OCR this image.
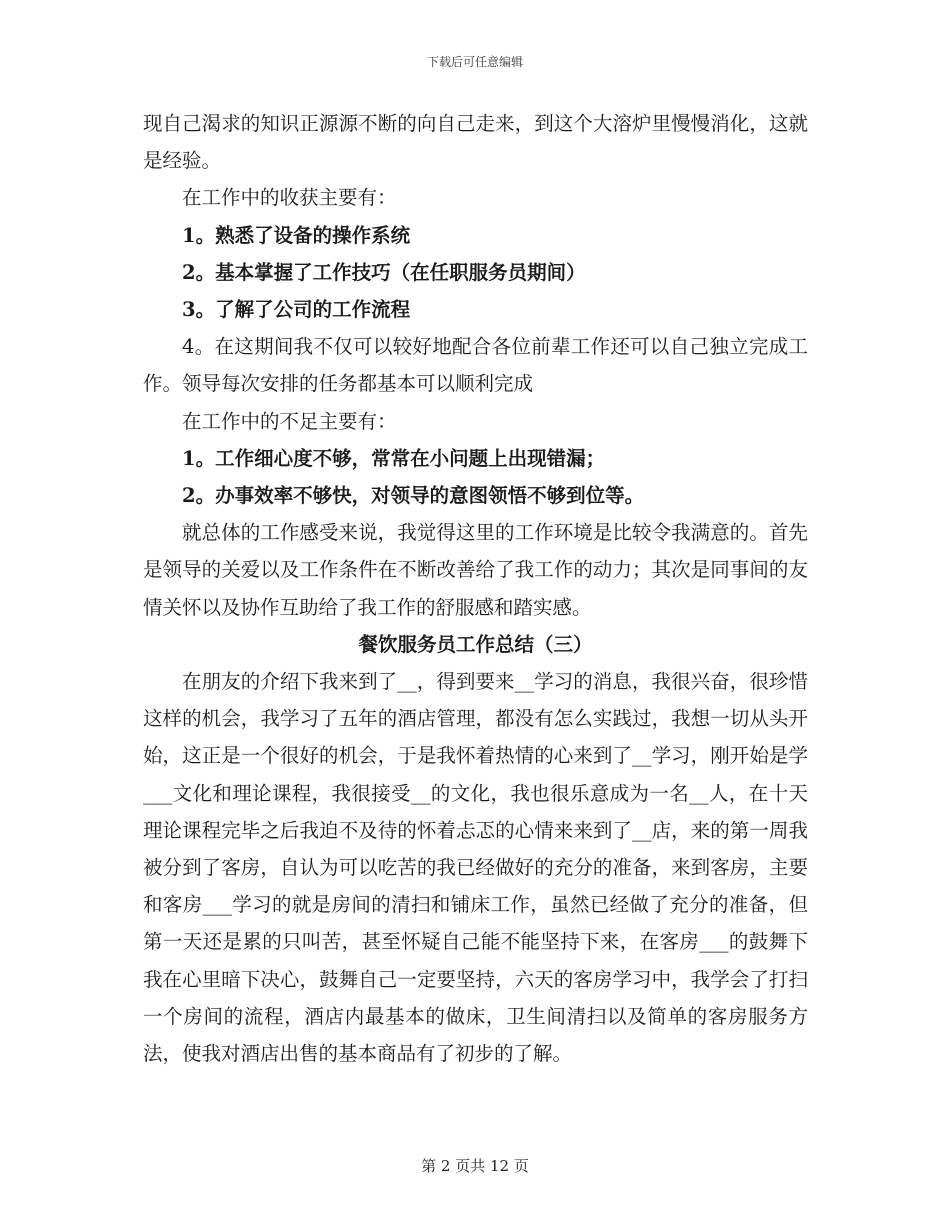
下载后可任意编辑

现自己渴求的知识正源源不断的向自己走来，到这个大溶炉里慢慢消化，这就是经验。

在工作中的收获主要有：

1。熟悉了设备的操作系统

2。基本掌握了工作技巧（在任职服务员期间）

3。了解了公司的工作流程

4。在这期间我不仅可以较好地配合各位前辈工作还可以自己独立完成工作。领导每次安排的任务都基本可以顺利完成

在工作中的不足主要有：

1。工作细心度不够，常常在小问题上出现错漏；

2。办事效率不够快，对领导的意图领悟不够到位等。

就总体的工作感受来说，我觉得这里的工作环境是比较令我满意的。首先是领导的关爱以及工作条件在不断改善给了我工作的动力；其次是同事间的友情关怀以及协作互助给了我工作的舒服感和踏实感。

餐饮服务员工作总结（三）

在朋友的介绍下我来到了__，得到要来__学习的消息，我很兴奋，很珍惜这样的机会，我学习了五年的酒店管理，都没有怎么实践过，我想一切从头开始，这正是一个很好的机会，于是我怀着热情的心来到了__学习，刚开始是学___文化和理论课程，我很接受__的文化，我也很乐意成为一名__人，在十天理论课程完毕之后我迫不及待的怀着忐忑的心情来来到了__店，来的第一周我被分到了客房，自认为可以吃苦的我已经做好的充分的准备，来到客房，主要和客房___学习的就是房间的清扫和铺床工作，虽然已经做了充分的准备，但第一天还是累的只叫苦，甚至怀疑自己能不能坚持下来，在客房___的鼓舞下我在心里暗下决心，鼓舞自己一定要坚持，六天的客房学习中，我学会了打扫一个房间的流程，酒店内最基本的做床，卫生间清扫以及简单的客房服务方法，使我对酒店出售的基本商品有了初步的了解。

第 2 页共 12 页
